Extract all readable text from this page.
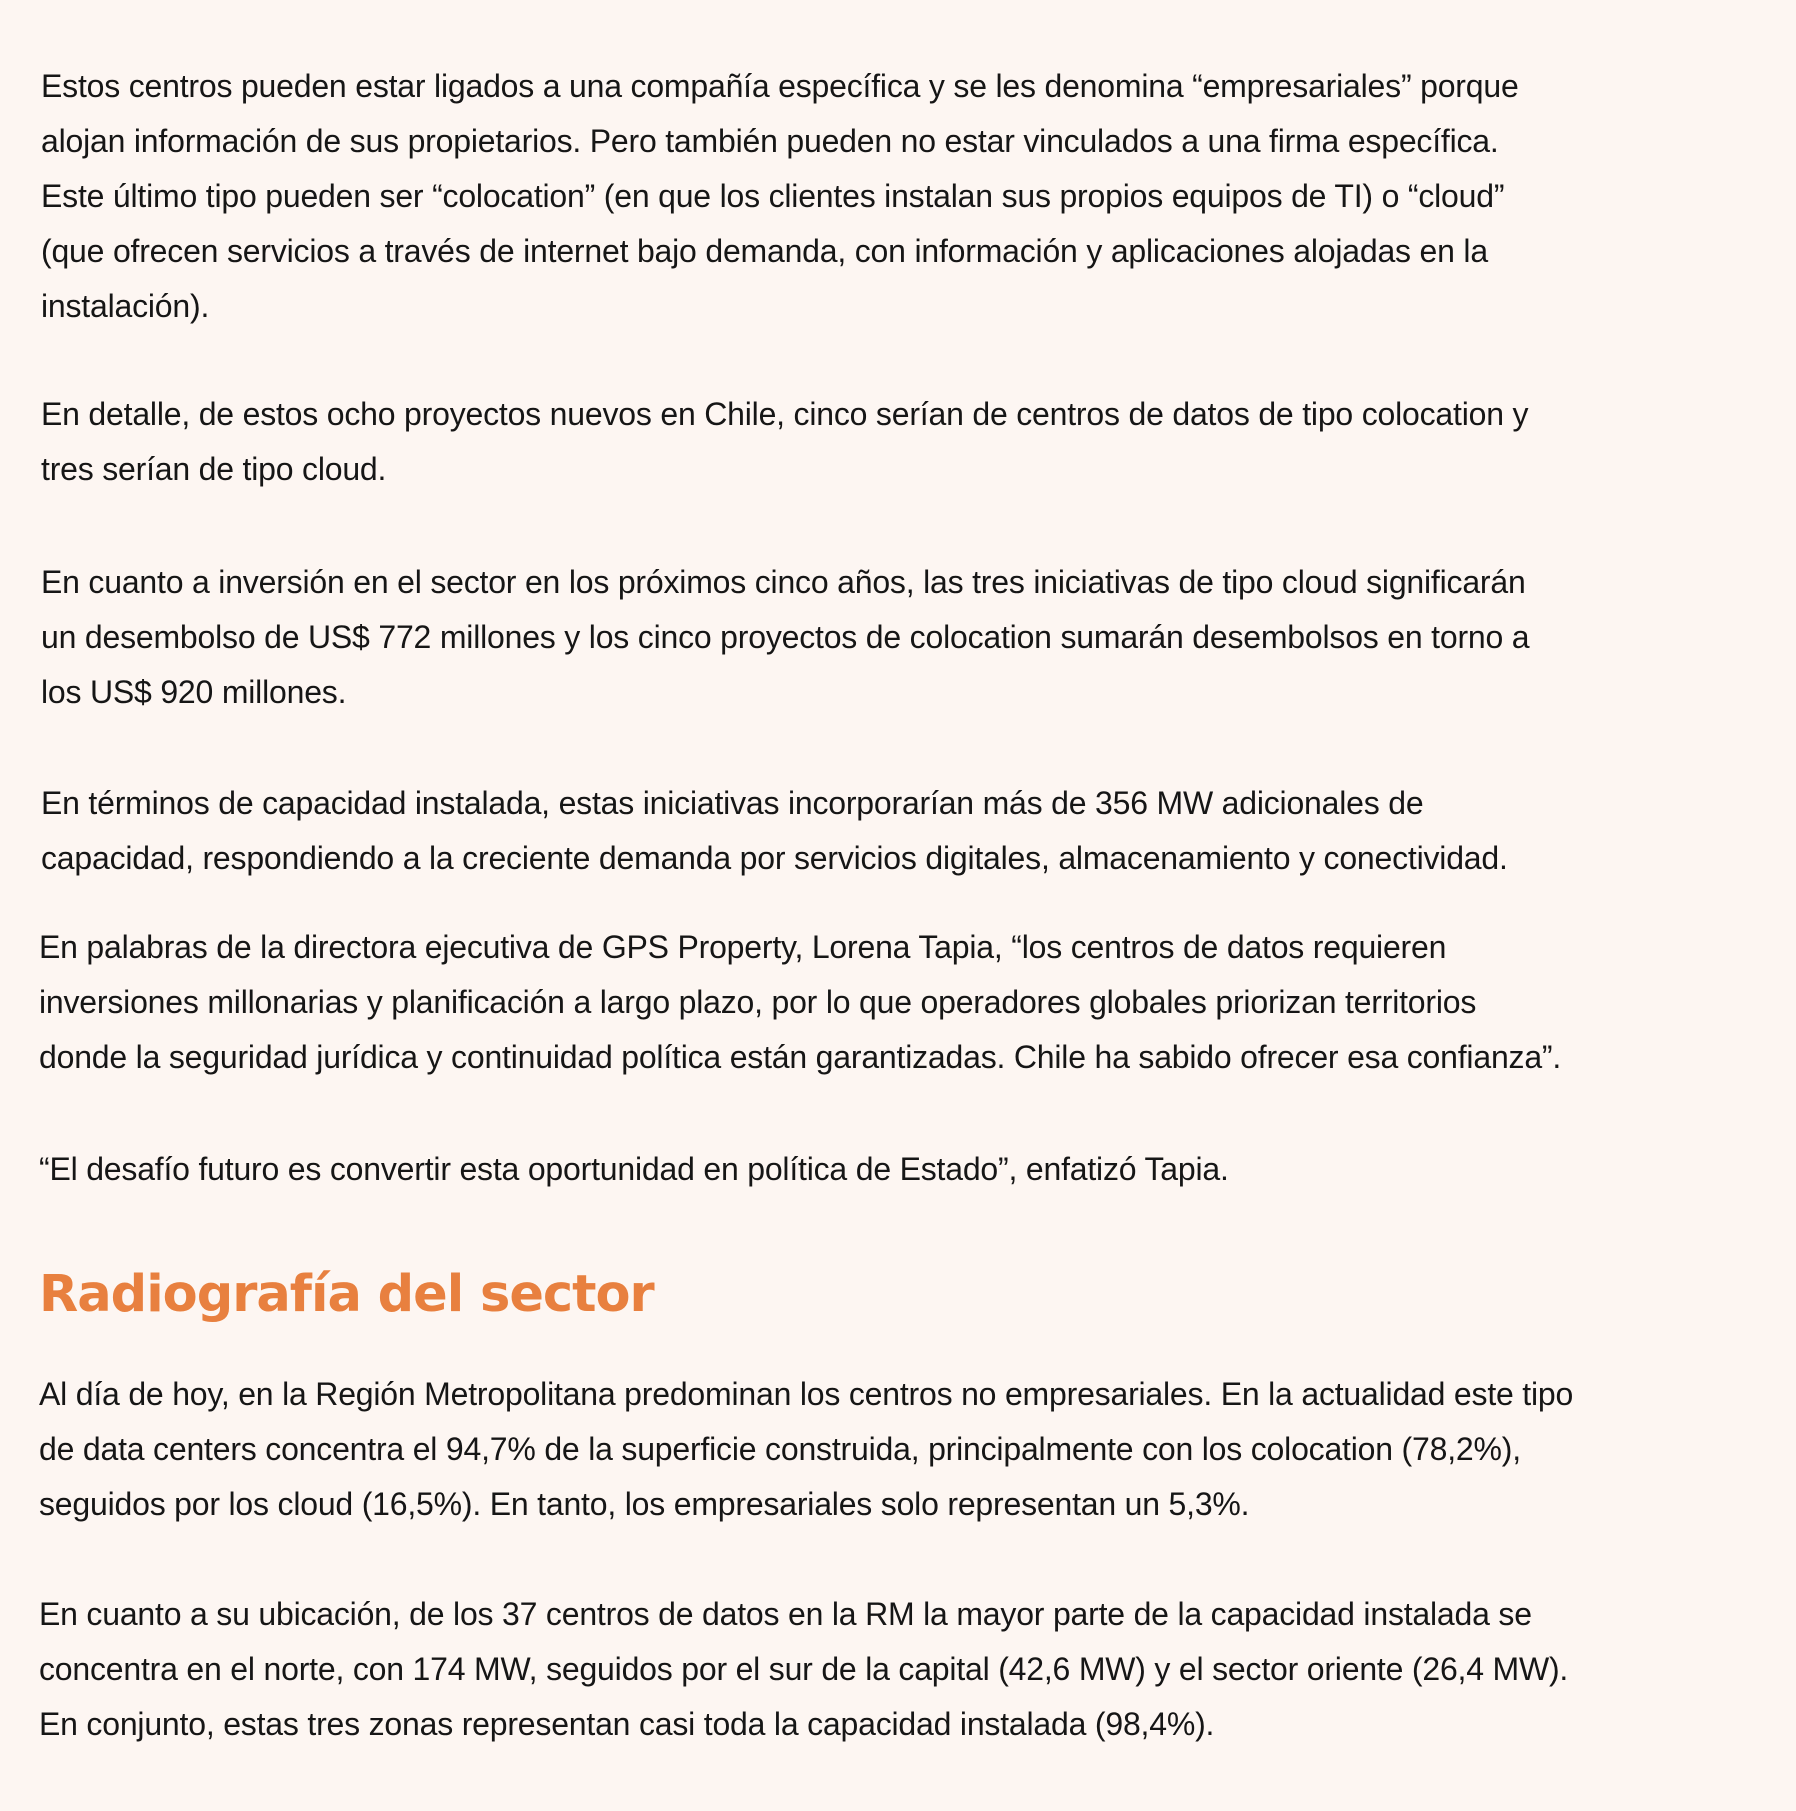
Estos centros pueden estar ligados a una compañía específica y se les denomina “empresariales” porque
alojan información de sus propietarios. Pero también pueden no estar vinculados a una firma específica.
Este último tipo pueden ser “colocation” (en que los clientes instalan sus propios equipos de TI) o “cloud”
(que ofrecen servicios a través de internet bajo demanda, con información y aplicaciones alojadas en la
instalación).

En detalle, de estos ocho proyectos nuevos en Chile, cinco serían de centros de datos de tipo colocation y
tres serían de tipo cloud.

En cuanto a inversión en el sector en los próximos cinco años, las tres iniciativas de tipo cloud significarán
un desembolso de US$ 772 millones y los cinco proyectos de colocation sumarán desembolsos en torno a
los US$ 920 millones.

En términos de capacidad instalada, estas iniciativas incorporarían más de 356 MW adicionales de
capacidad, respondiendo a la creciente demanda por servicios digitales, almacenamiento y conectividad.

En palabras de la directora ejecutiva de GPS Property, Lorena Tapia, “los centros de datos requieren
inversiones millonarias y planificación a largo plazo, por lo que operadores globales priorizan territorios
donde la seguridad jurídica y continuidad política están garantizadas. Chile ha sabido ofrecer esa confianza”.

“El desafío futuro es convertir esta oportunidad en política de Estado”, enfatizó Tapia.

Radiografía del sector

Al día de hoy, en la Región Metropolitana predominan los centros no empresariales. En la actualidad este tipo
de data centers concentra el 94,7% de la superficie construida, principalmente con los colocation (78,2%),
seguidos por los cloud (16,5%). En tanto, los empresariales solo representan un 5,3%.

En cuanto a su ubicación, de los 37 centros de datos en la RM la mayor parte de la capacidad instalada se
concentra en el norte, con 174 MW, seguidos por el sur de la capital (42,6 MW) y el sector oriente (26,4 MW).
En conjunto, estas tres zonas representan casi toda la capacidad instalada (98,4%).
